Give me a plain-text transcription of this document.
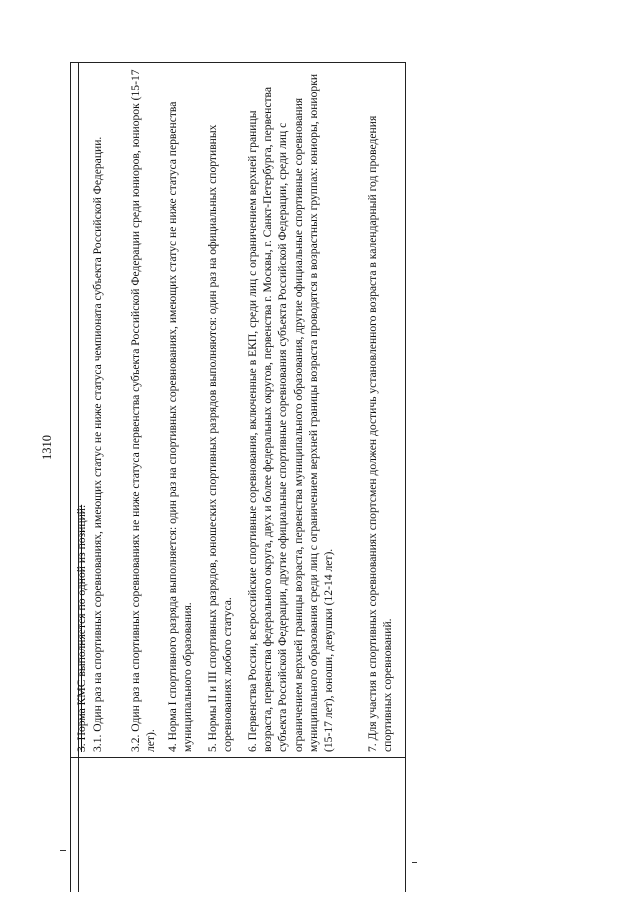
1310

3. Норма КМС выполняется по одной из позиций: 3.1. Один раз на спортивных соревнованиях, имеющих статус не ниже статуса чемпионата субъекта Российской Федерации. 3.2. Один раз на спортивных соревнованиях не ниже статуса первенства субъекта Российской Федерации среди юниоров, юниорок (15-17 лет). 4. Норма I спортивного разряда выполняется: один раз на спортивных соревнованиях, имеющих статус не ниже статуса первенства муниципального образования. 5. Нормы II и III спортивных разрядов, юношеских спортивных разрядов выполняются: один раз на официальных спортивных соревнованиях любого статуса. 6. Первенства России, всероссийские спортивные соревнования, включенные в ЕКП, среди лиц с ограничением верхней границы возраста, первенства федерального округа, двух и более федеральных округов, первенства г. Москвы, г. Санкт-Петербурга, первенства субъекта Российской Федерации, другие официальные спортивные соревнования субъекта Российской Федерации, среди лиц с ограничением верхней границы возраста, первенства муниципального образования, другие официальные спортивные соревнования муниципального образования среди лиц с ограничением верхней границы возраста проводятся в возрастных группах: юниоры, юниорки (15-17 лет), юноши, девушки (12-14 лет).	7. Для участия в спортивных соревнованиях спортсмен должен достичь установленного возраста в календарный год проведения спортивных соревнований.
